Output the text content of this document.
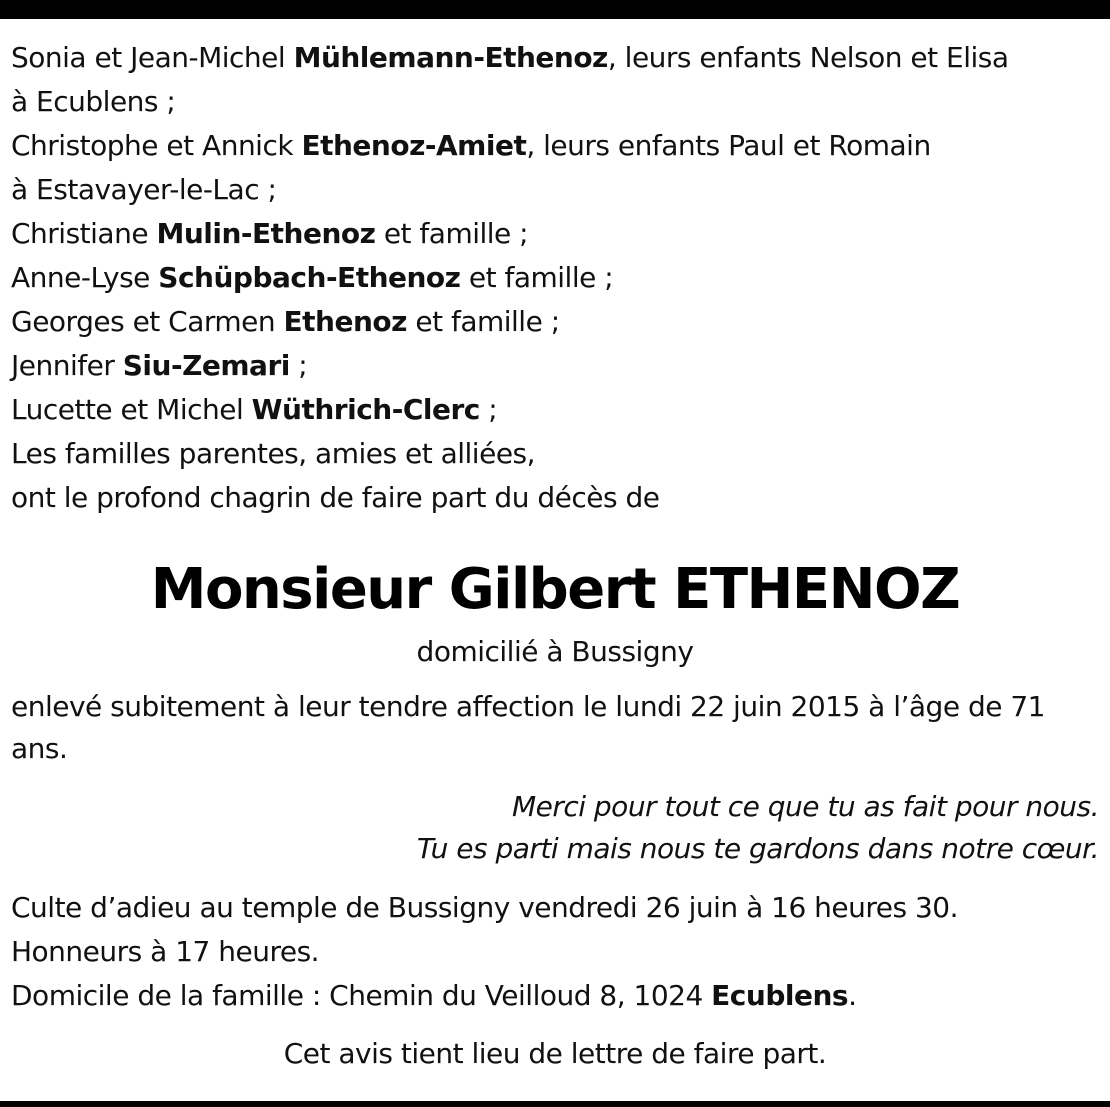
Sonia et Jean-Michel Mühlemann-Ethenoz, leurs enfants Nelson et Elisa
à Ecublens ;
Christophe et Annick Ethenoz-Amiet, leurs enfants Paul et Romain
à Estavayer-le-Lac ;
Christiane Mulin-Ethenoz et famille ;
Anne-Lyse Schüpbach-Ethenoz et famille ;
Georges et Carmen Ethenoz et famille ;
Jennifer Siu-Zemari ;
Lucette et Michel Wüthrich-Clerc ;
Les familles parentes, amies et alliées,
ont le profond chagrin de faire part du décès de
Monsieur Gilbert ETHENOZ
domicilié à Bussigny
enlevé subitement à leur tendre affection le lundi 22 juin 2015 à l’âge de 71 ans.
Merci pour tout ce que tu as fait pour nous.
Tu es parti mais nous te gardons dans notre cœur.
Culte d’adieu au temple de Bussigny vendredi 26 juin à 16 heures 30.
Honneurs à 17 heures.
Domicile de la famille : Chemin du Veilloud 8, 1024 Ecublens.
Cet avis tient lieu de lettre de faire part.
